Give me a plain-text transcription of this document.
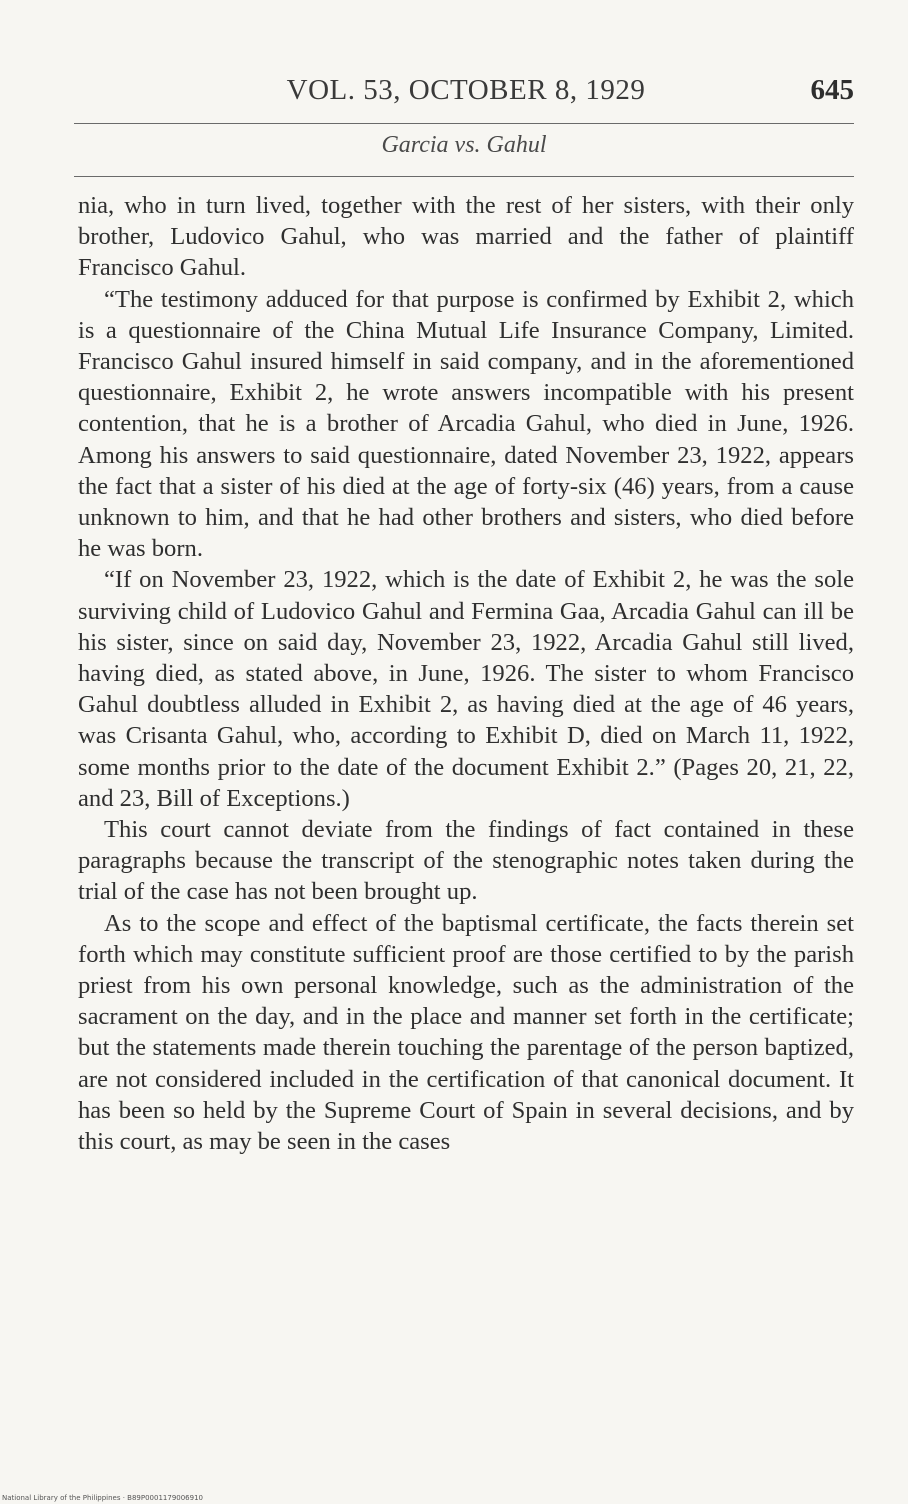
VOL. 53, OCTOBER 8, 1929	645
Garcia vs. Gahul

nia, who in turn lived, together with the rest of her sisters, with their only brother, Ludovico Gahul, who was married and the father of plaintiff Francisco Gahul.

“The testimony adduced for that purpose is confirmed by Exhibit 2, which is a questionnaire of the China Mutual Life Insurance Company, Limited. Francisco Gahul insured himself in said company, and in the aforementioned questionnaire, Exhibit 2, he wrote answers incompatible with his present contention, that he is a brother of Arcadia Gahul, who died in June, 1926. Among his answers to said questionnaire, dated November 23, 1922, appears the fact that a sister of his died at the age of forty-six (46) years, from a cause unknown to him, and that he had other brothers and sisters, who died before he was born.

“If on November 23, 1922, which is the date of Exhibit 2, he was the sole surviving child of Ludovico Gahul and Fermina Gaa, Arcadia Gahul can ill be his sister, since on said day, November 23, 1922, Arcadia Gahul still lived, having died, as stated above, in June, 1926. The sister to whom Francisco Gahul doubtless alluded in Exhibit 2, as having died at the age of 46 years, was Crisanta Gahul, who, according to Exhibit D, died on March 11, 1922, some months prior to the date of the document Exhibit 2.” (Pages 20, 21, 22, and 23, Bill of Exceptions.)

This court cannot deviate from the findings of fact contained in these paragraphs because the transcript of the stenographic notes taken during the trial of the case has not been brought up.

As to the scope and effect of the baptismal certificate, the facts therein set forth which may constitute sufficient proof are those certified to by the parish priest from his own personal knowledge, such as the administration of the sacrament on the day, and in the place and manner set forth in the certificate; but the statements made therein touching the parentage of the person baptized, are not considered included in the certification of that canonical document. It has been so held by the Supreme Court of Spain in several decisions, and by this court, as may be seen in the cases

National Library of the Philippines · B89P0001179006910
